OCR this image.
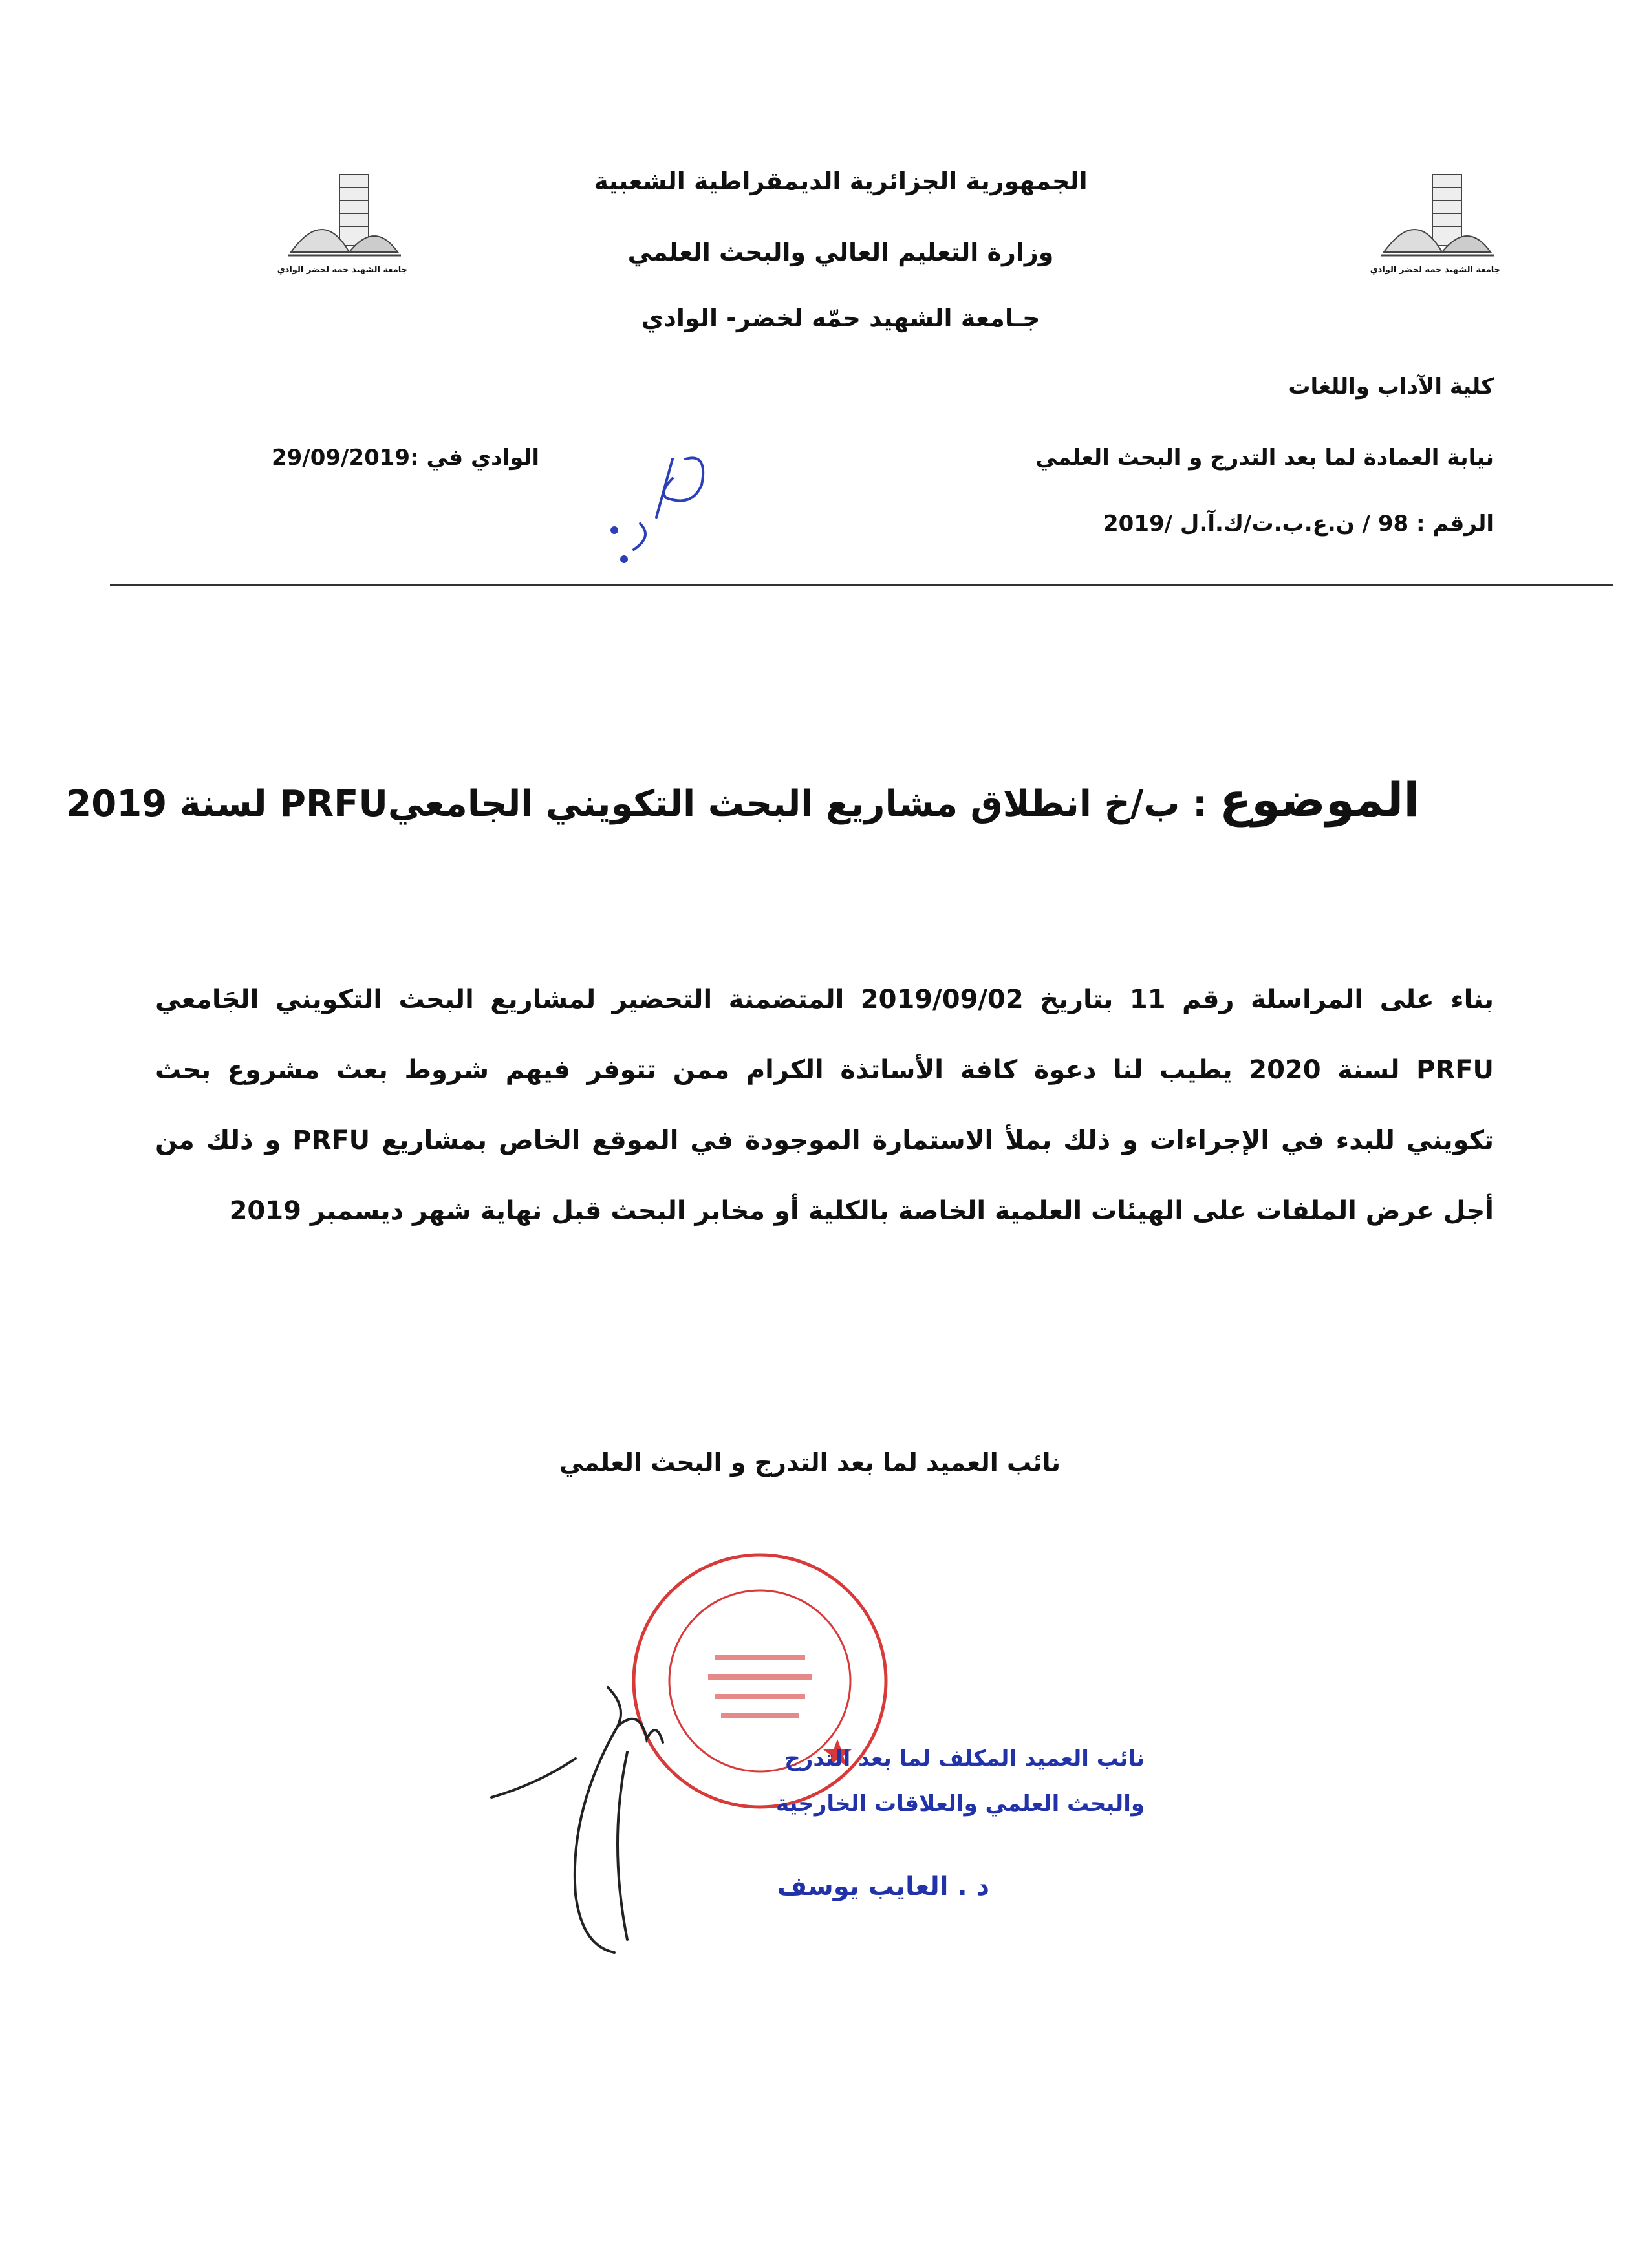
جامعة الشهيد حمه لخضر الوادي	جامعة الشهيد حمه لخضر الوادي
الجمهورية الجزائرية الديمقراطية الشعبية
وزارة التعليم العالي والبحث العلمي
جـامعة الشهيد حمّه لخضر- الوادي
كلية الآداب واللغات
نيابة العمادة لما بعد التدرج و البحث العلمي
الرقم : 98 / ن.ع.ب.ت/ك.آ.ل /2019
الوادي في :29/09/2019
الموضوع : ب/خ انطلاق مشاريع البحث التكويني الجامعيPRFU لسنة 2019
بناء على المراسلة رقم 11 بتاريخ 2019/09/02 المتضمنة التحضير لمشاريع البحث التكويني الجَامعي
PRFU لسنة 2020 يطيب لنا دعوة كافة الأساتذة الكرام ممن تتوفر فيهم شروط بعث مشروع بحث
تكويني للبدء في الإجراءات و ذلك بملأ الاستمارة الموجودة في الموقع الخاص بمشاريع PRFU و ذلك من
أجل عرض الملفات على الهيئات العلمية الخاصة بالكلية أو مخابر البحث قبل نهاية شهر ديسمبر 2019
نائب العميد لما بعد التدرج و البحث العلمي
نائب العميد المكلف لما بعد التدرج
والبحث العلمي والعلاقات الخارجية
د . العايب يوسف
